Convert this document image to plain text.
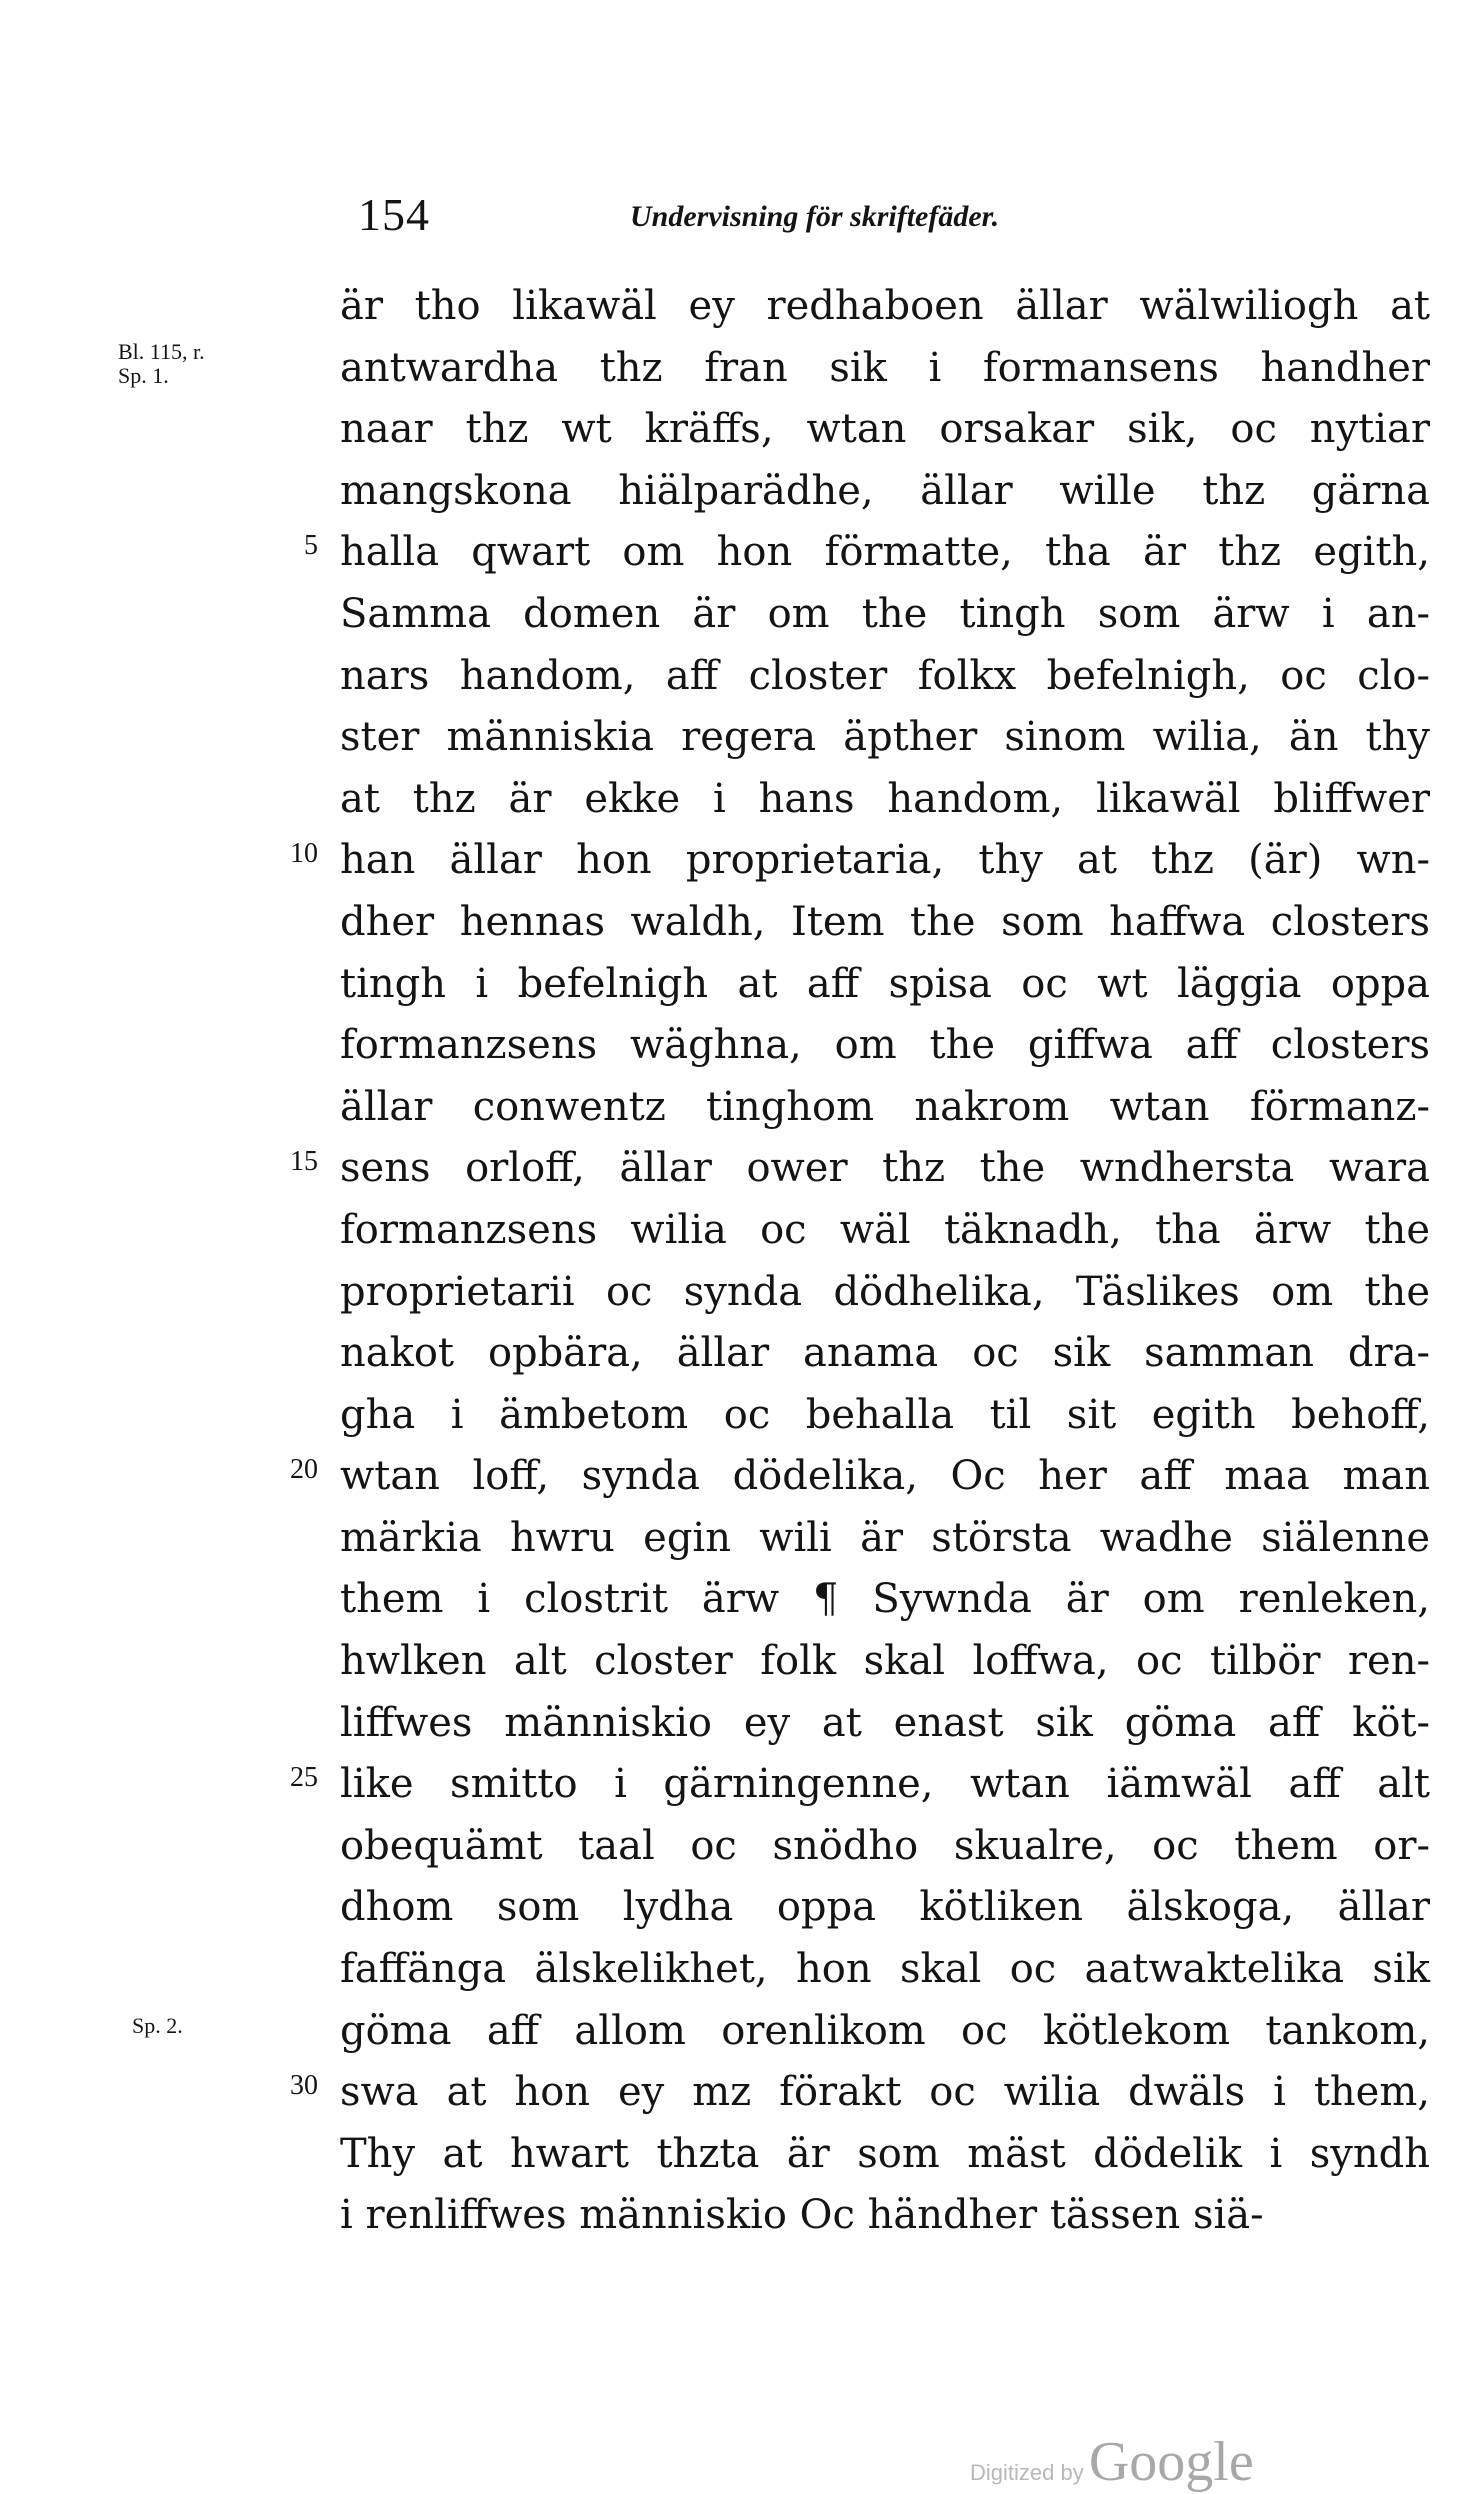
154	Undervisning för skriftefäder.
Bl. 115, r.
Sp. 1.
Sp. 2.
5
10
15
20
25
30
är tho likawäl ey redhaboen ällar wälwiliogh at
antwardha thz fran sik i formansens handher
naar thz wt kräffs, wtan orsakar sik, oc nytiar
mangskona hiälparädhe, ällar wille thz gärna
halla qwart om hon förmatte, tha är thz egith,
Samma domen är om the tingh som ärw i an-
nars handom, aff closter folkx befelnigh, oc clo-
ster människia regera äpther sinom wilia, än thy
at thz är ekke i hans handom, likawäl bliffwer
han ällar hon proprietaria, thy at thz (är) wn-
dher hennas waldh, Item the som haffwa closters
tingh i befelnigh at aff spisa oc wt läggia oppa
formanzsens wäghna, om the giffwa aff closters
ällar conwentz tinghom nakrom wtan förmanz-
sens orloff, ällar ower thz the wndhersta wara
formanzsens wilia oc wäl täknadh, tha ärw the
proprietarii oc synda dödhelika, Täslikes om the
nakot opbära, ällar anama oc sik samman dra-
gha i ämbetom oc behalla til sit egith behoff,
wtan loff, synda dödelika, Oc her aff maa man
märkia hwru egin wili är största wadhe siälenne
them i clostrit ärw ¶ Sywnda är om renleken,
hwlken alt closter folk skal loffwa, oc tilbör ren-
liffwes människio ey at enast sik göma aff köt-
like smitto i gärningenne, wtan iämwäl aff alt
obequämt taal oc snödho skualre, oc them or-
dhom som lydha oppa kötliken älskoga, ällar
faffänga älskelikhet, hon skal oc aatwaktelika sik
göma aff allom orenlikom oc kötlekom tankom,
swa at hon ey mz förakt oc wilia dwäls i them,
Thy at hwart thzta är som mäst dödelik i syndh
i renliffwes människio Oc händher tässen siä-
Digitized by Google
